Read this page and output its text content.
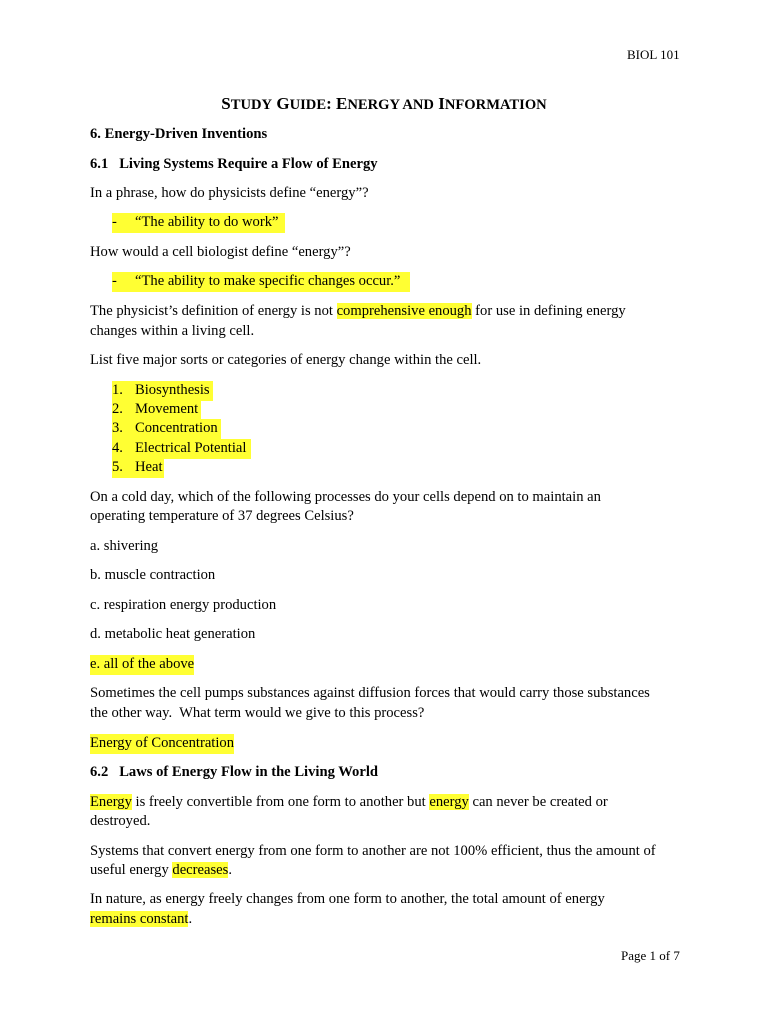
BIOL 101
STUDY GUIDE: ENERGY AND INFORMATION
6. Energy-Driven Inventions
6.1   Living Systems Require a Flow of Energy
In a phrase, how do physicists define “energy”?
- “The ability to do work”
How would a cell biologist define “energy”?
- “The ability to make specific changes occur.”
The physicist’s definition of energy is not comprehensive enough for use in defining energy
changes within a living cell.
List five major sorts or categories of energy change within the cell.
1. Biosynthesis
2. Movement
3. Concentration
4. Electrical Potential
5. Heat
On a cold day, which of the following processes do your cells depend on to maintain an
operating temperature of 37 degrees Celsius?
a. shivering
b. muscle contraction
c. respiration energy production
d. metabolic heat generation
e. all of the above
Sometimes the cell pumps substances against diffusion forces that would carry those substances
the other way.  What term would we give to this process?
Energy of Concentration
6.2   Laws of Energy Flow in the Living World
Energy is freely convertible from one form to another but energy can never be created or
destroyed.
Systems that convert energy from one form to another are not 100% efficient, thus the amount of
useful energy decreases.
In nature, as energy freely changes from one form to another, the total amount of energy
remains constant.
Page 1 of 7
